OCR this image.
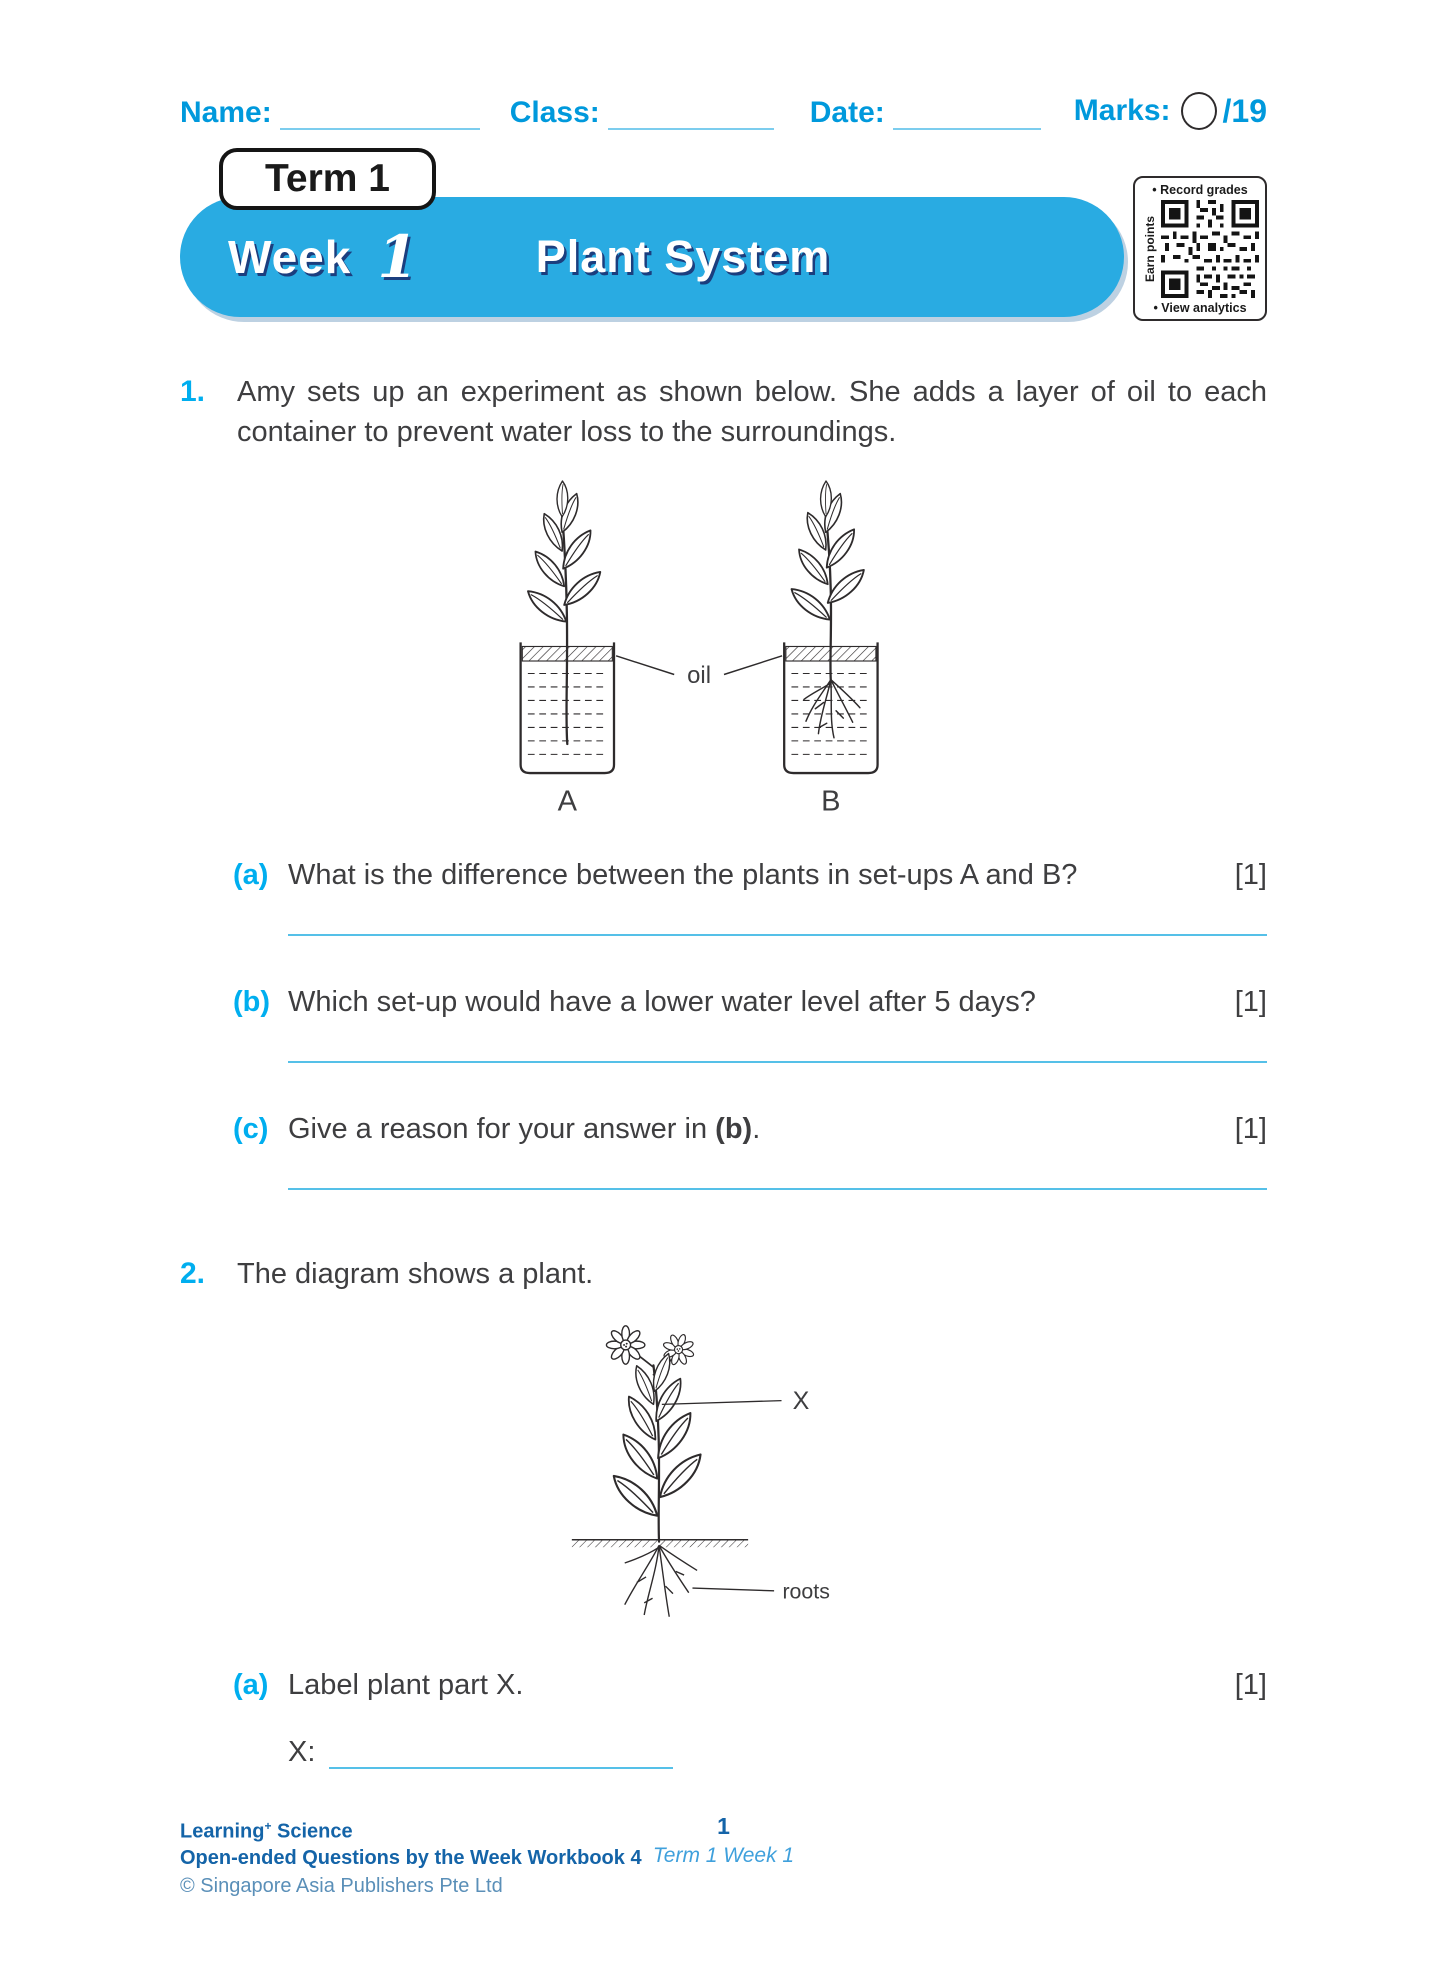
Name:	Class:	Date:	Marks: /19
Term 1
Week 1	Plant System
• Record grades
Earn points
• View analytics
1.	Amy sets up an experiment as shown below. She adds a layer of oil to each container to prevent water loss to the surroundings.

oil
A	B
(a) What is the difference between the plants in set-ups A and B?	[1]
(b) Which set-up would have a lower water level after 5 days?	[1]
(c) Give a reason for your answer in (b).	[1]
2.	The diagram shows a plant.

X
roots
(a) Label plant part X.	[1]
X:
Learning+ Science
Open-ended Questions by the Week Workbook 4
© Singapore Asia Publishers Pte Ltd
1
Term 1 Week 1
